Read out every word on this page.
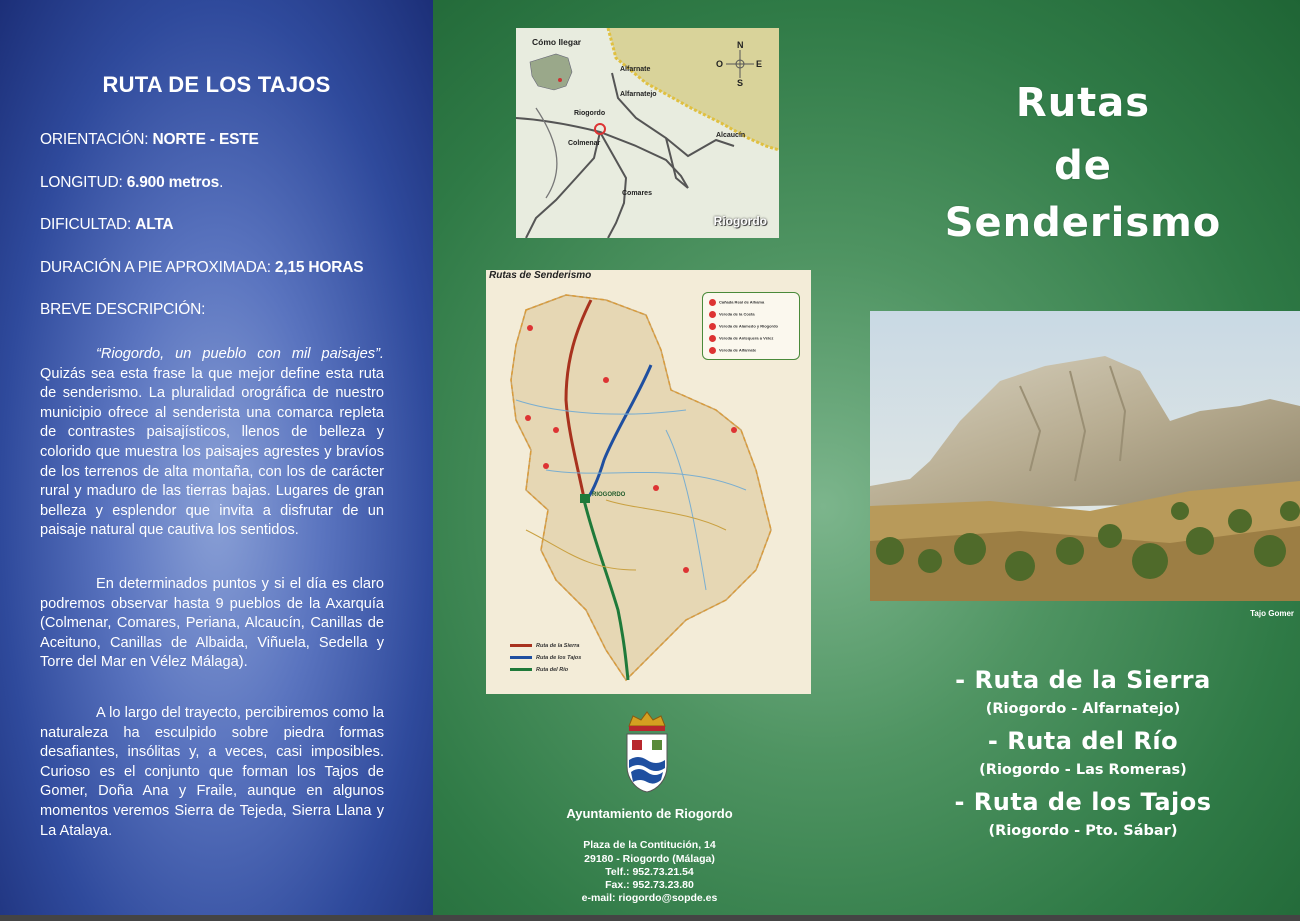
RUTA DE LOS TAJOS
ORIENTACIÓN: NORTE - ESTE
LONGITUD: 6.900 metros.
DIFICULTAD: ALTA
DURACIÓN A PIE APROXIMADA: 2,15 HORAS
BREVE DESCRIPCIÓN:
“Riogordo, un pueblo con mil paisajes”. Quizás sea esta frase la que mejor define esta ruta de senderismo. La pluralidad orográfica de nuestro municipio ofrece al senderista una comarca repleta de contrastes paisajísticos, llenos de belleza y colorido que muestra los paisajes agrestes y bravíos de los terrenos de alta montaña, con los de carácter rural y maduro de las tierras bajas. Lugares de gran belleza y esplendor que invita a disfrutar de un paisaje natural que cautiva los sentidos.
En determinados puntos y si el día es claro podremos observar hasta 9 pueblos de la Axarquía (Colmenar, Comares, Periana, Alcaucín, Canillas de Aceituno, Canillas de Albaida, Viñuela, Sedella y Torre del Mar en Vélez Málaga).
A lo largo del trayecto, percibiremos como la naturaleza ha esculpido sobre piedra formas desafiantes, insólitas y, a veces, casi imposibles. Curioso es el conjunto que forman los Tajos de Gomer, Doña Ana y Fraile, aunque en algunos momentos veremos Sierra de Tejeda, Sierra Llana y La Atalaya.
Cómo llegar
Alfarnate
Alfarnatejo
Riogordo
Colmenar
Comares
Alcaucín
N
O	E
S
Riogordo
Rutas de Senderismo
Cañada Real de Alhama
Vereda de la Costa
Vereda de Alamedo y Riogordo
Vereda de Antequera a Vélez
Vereda de Alfarnate
RIOGORDO
Ruta de la Sierra
Ruta de los Tajos
Ruta del Río
Ayuntamiento de Riogordo
Plaza de la Contitución, 14
29180 - Riogordo (Málaga)
Telf.: 952.73.21.54
Fax.: 952.73.23.80
e-mail: riogordo@sopde.es
Rutas
de
Senderismo
Tajo Gomer
- Ruta de la Sierra
(Riogordo - Alfarnatejo)
- Ruta del Río
(Riogordo - Las Romeras)
- Ruta de los Tajos
(Riogordo - Pto. Sábar)
